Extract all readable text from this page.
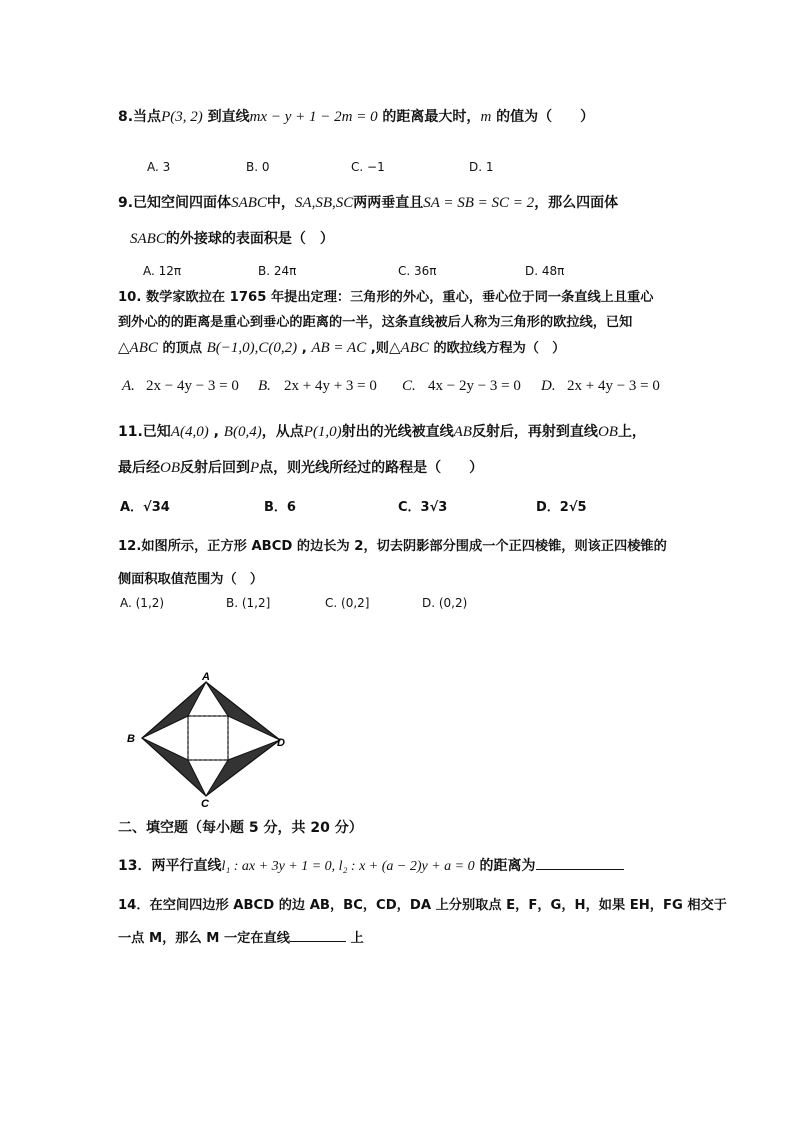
8.当点P(3, 2) 到直线mx − y + 1 − 2m = 0 的距离最大时，m 的值为（　　）
A. 3	B. 0	C. −1	D. 1
9.已知空间四面体SABC中，SA,SB,SC两两垂直且SA = SB = SC = 2，那么四面体
SABC的外接球的表面积是（　）
A. 12π	B. 24π	C. 36π	D. 48π
10. 数学家欧拉在 1765 年提出定理：三角形的外心，重心，垂心位于同一条直线上且重心
到外心的的距离是重心到垂心的距离的一半，这条直线被后人称为三角形的欧拉线，已知
△ABC 的顶点 B(−1,0),C(0,2) , AB = AC ,则△ABC 的欧拉线方程为（　）
A. 2x − 4y − 3 = 0 B. 2x + 4y + 3 = 0 C. 4x − 2y − 3 = 0 D. 2x + 4y − 3 = 0
11.已知A(4,0) , B(0,4)，从点P(1,0)射出的光线被直线AB反射后，再射到直线OB上，
最后经OB反射后回到P点，则光线所经过的路程是（　　）
A．√34	B．6	C．3√3	D．2√5
12.如图所示，正方形 ABCD 的边长为 2，切去阴影部分围成一个正四棱锥，则该正四棱锥的
侧面积取值范围为（　）
A. (1,2)	B. (1,2]	C. (0,2]	D. (0,2)
A
B
C
D
二、填空题（每小题 5 分，共 20 分）
13．两平行直线l₁ : ax + 3y + 1 = 0, l₂ : x + (a − 2)y + a = 0 的距离为
14．在空间四边形 ABCD 的边 AB，BC，CD，DA 上分别取点 E，F，G，H，如果 EH，FG 相交于
一点 M，那么 M 一定在直线	上
